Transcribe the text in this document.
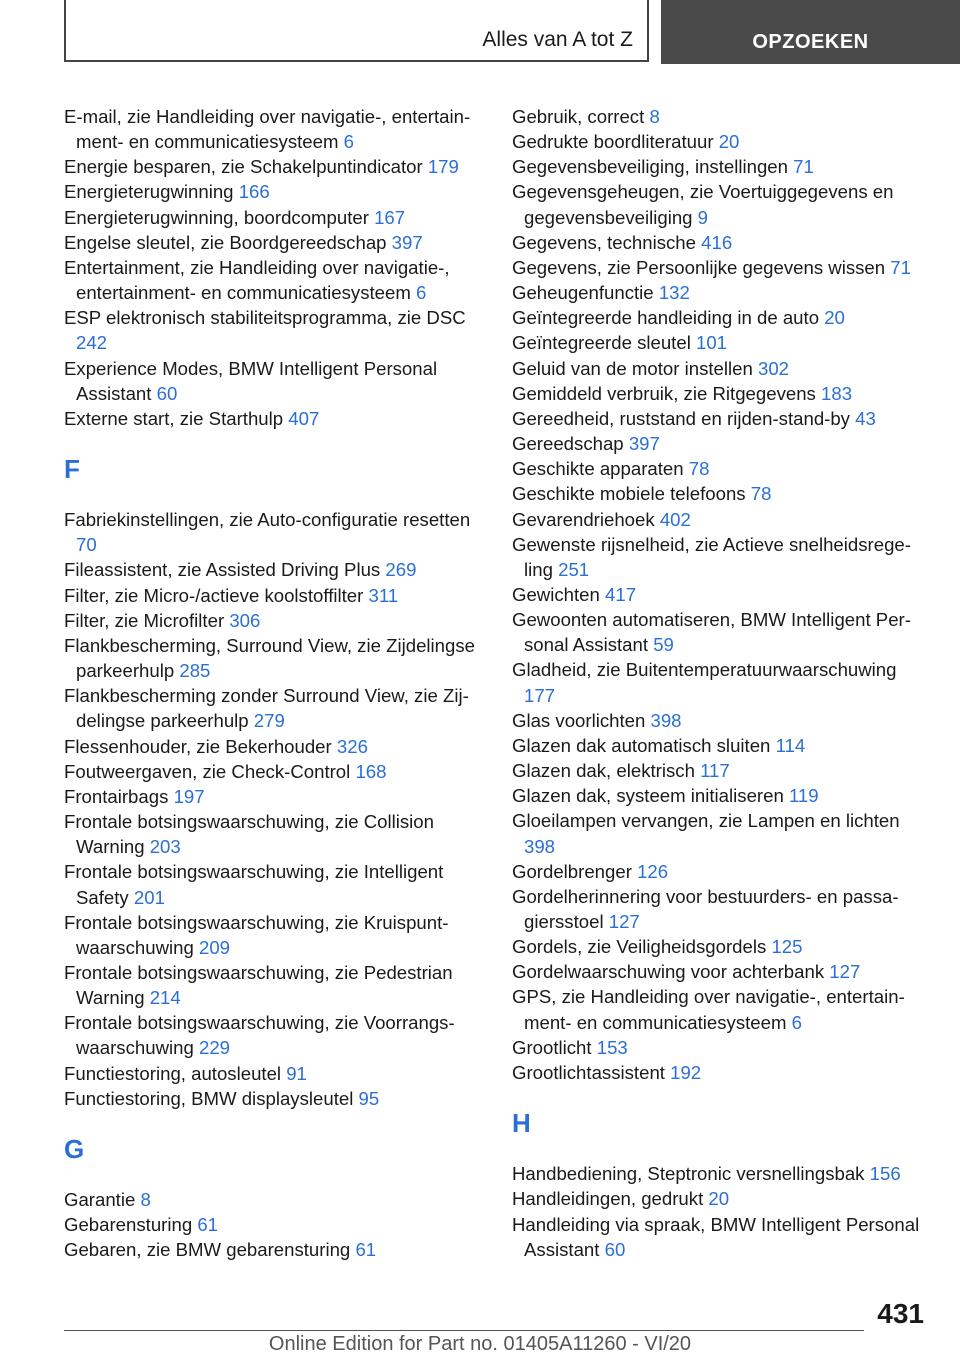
Alles van A tot Z	OPZOEKEN
E-mail, zie Handleiding over navigatie-, entertainment- en communicatiesysteem 6
Energie besparen, zie Schakelpuntindicator 179
Energieterugwinning 166
Energieterugwinning, boordcomputer 167
Engelse sleutel, zie Boordgereedschap 397
Entertainment, zie Handleiding over navigatie-, entertainment- en communicatiesysteem 6
ESP elektronisch stabiliteitsprogramma, zie DSC 242
Experience Modes, BMW Intelligent Personal Assistant 60
Externe start, zie Starthulp 407
F
Fabriekinstellingen, zie Auto-configuratie resetten 70
Fileassistent, zie Assisted Driving Plus 269
Filter, zie Micro-/actieve koolstoffilter 311
Filter, zie Microfilter 306
Flankbescherming, Surround View, zie Zijdelingse parkeerhulp 285
Flankbescherming zonder Surround View, zie Zijdelingse parkeerhulp 279
Flessenhouder, zie Bekerhouder 326
Foutweergaven, zie Check-Control 168
Frontairbags 197
Frontale botsingswaarschuwing, zie Collision Warning 203
Frontale botsingswaarschuwing, zie Intelligent Safety 201
Frontale botsingswaarschuwing, zie Kruispuntwaarschuwing 209
Frontale botsingswaarschuwing, zie Pedestrian Warning 214
Frontale botsingswaarschuwing, zie Voorrangswaarschuwing 229
Functiestoring, autosleutel 91
Functiestoring, BMW displaysleutel 95
G
Garantie 8
Gebarensturing 61
Gebaren, zie BMW gebarensturing 61
Gebruik, correct 8
Gedrukte boordliteratuur 20
Gegevensbeveiliging, instellingen 71
Gegevensgeheugen, zie Voertuiggegevens en gegevensbeveiliging 9
Gegevens, technische 416
Gegevens, zie Persoonlijke gegevens wissen 71
Geheugenfunctie 132
Geïntegreerde handleiding in de auto 20
Geïntegreerde sleutel 101
Geluid van de motor instellen 302
Gemiddeld verbruik, zie Ritgegevens 183
Gereedheid, ruststand en rijden-stand-by 43
Gereedschap 397
Geschikte apparaten 78
Geschikte mobiele telefoons 78
Gevarendriehoek 402
Gewenste rijsnelheid, zie Actieve snelheidsregeling 251
Gewichten 417
Gewoonten automatiseren, BMW Intelligent Personal Assistant 59
Gladheid, zie Buitentemperatuurwaarschuwing 177
Glas voorlichten 398
Glazen dak automatisch sluiten 114
Glazen dak, elektrisch 117
Glazen dak, systeem initialiseren 119
Gloeilampen vervangen, zie Lampen en lichten 398
Gordelbrenger 126
Gordelherinnering voor bestuurders- en passagiersstoel 127
Gordels, zie Veiligheidsgordels 125
Gordelwaarschuwing voor achterbank 127
GPS, zie Handleiding over navigatie-, entertainment- en communicatiesysteem 6
Grootlicht 153
Grootlichtassistent 192
H
Handbediening, Steptronic versnellingsbak 156
Handleidingen, gedrukt 20
Handleiding via spraak, BMW Intelligent Personal Assistant 60
431
Online Edition for Part no. 01405A11260 - VI/20
